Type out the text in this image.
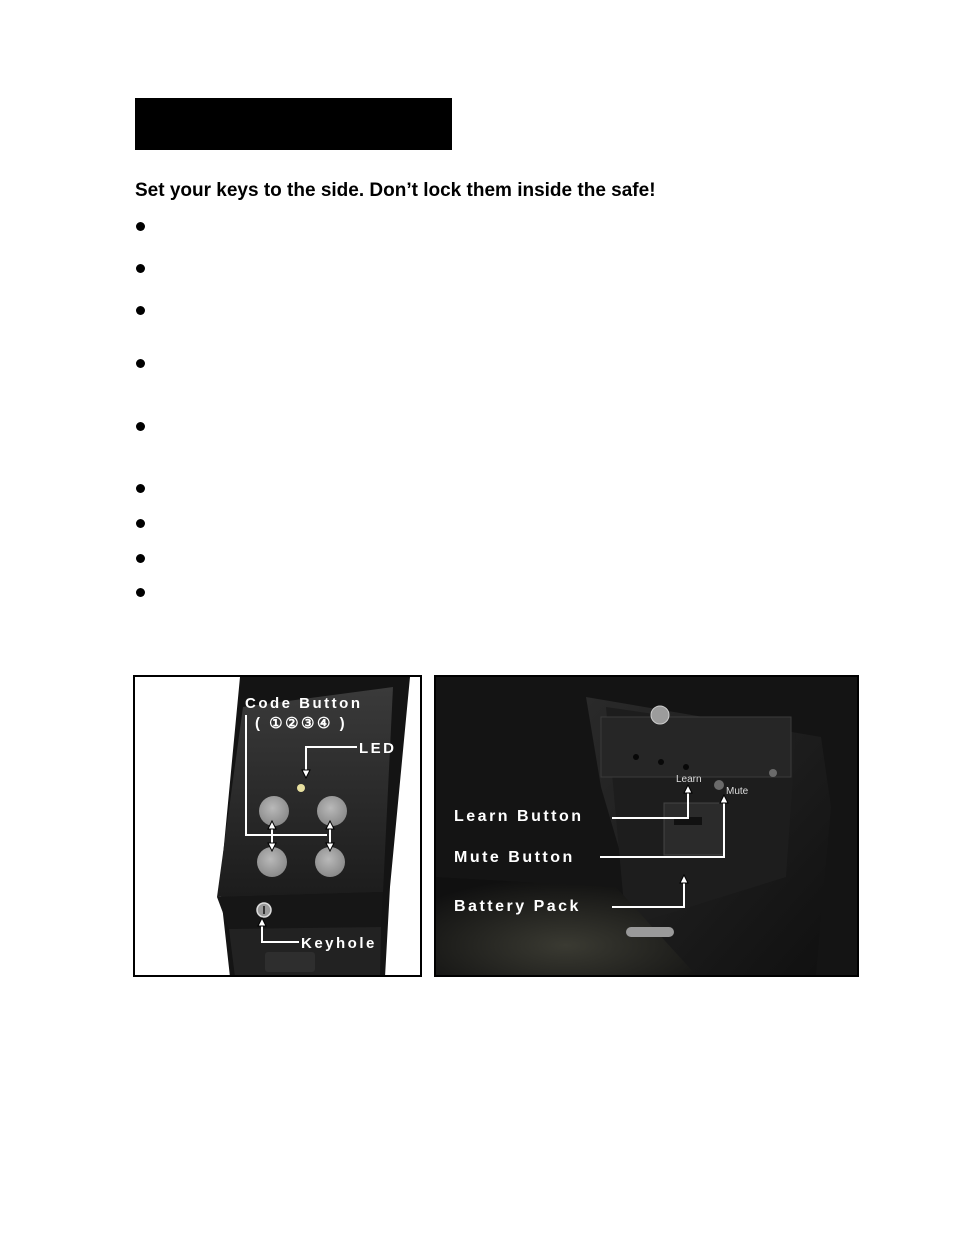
Set your keys to the side. Don’t lock them inside the safe!

Code Button
( ①②③④ )
LED
Keyhole
Learn
Mute
Learn Button
Mute Button
Battery Pack
